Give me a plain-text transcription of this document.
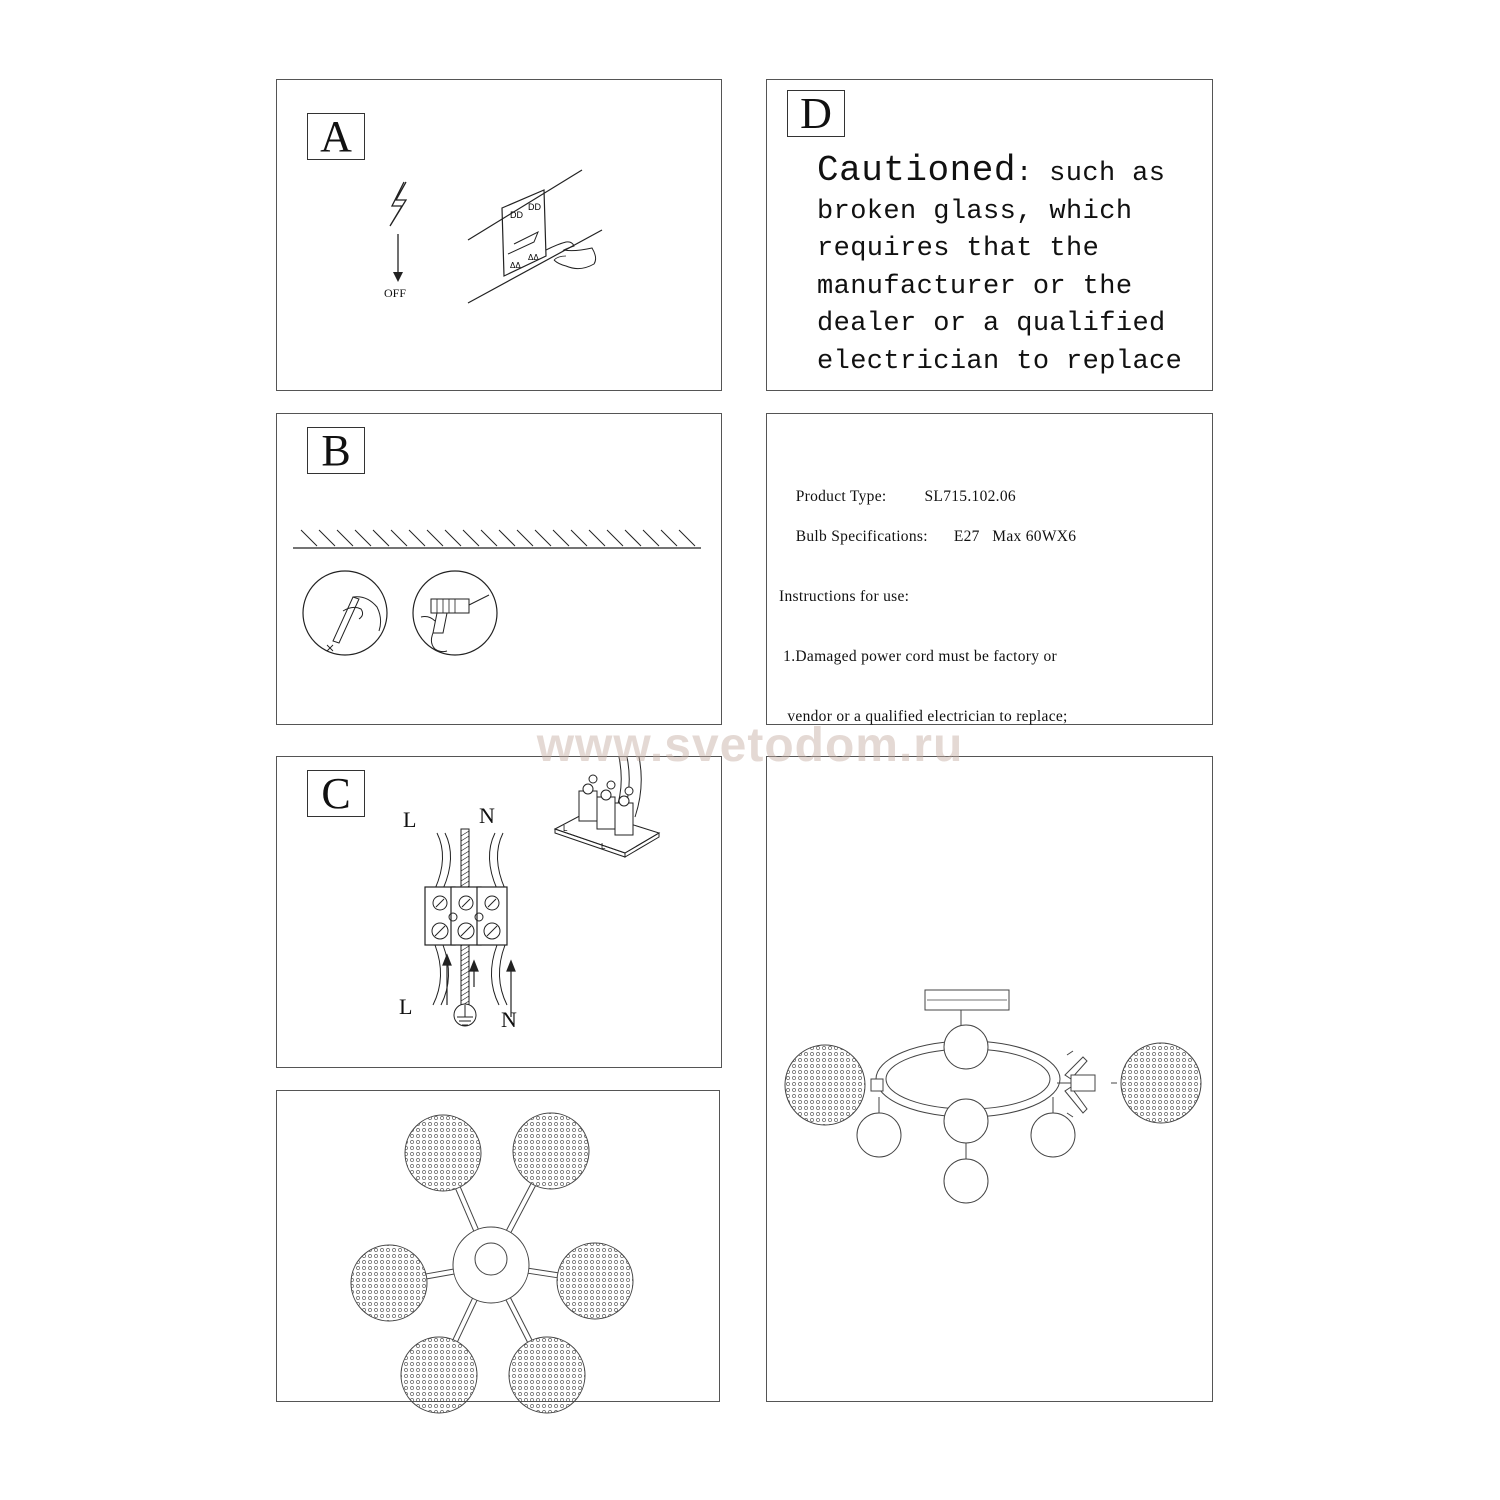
A
OFF
DD
DD
ΔΔ
ΔΔ
D
Cautioned: such as
broken glass, which
requires that the
manufacturer or the
dealer or a qualified
electrician to replace
B

Product Type: SL715.102.06

Bulb Specifications: E27   Max 60WX6

Instructions for use:

1.Damaged power cord must be factory or

vendor or a qualified electrician to replace;

C
L	N
L
N
L
L
www.svetodom.ru
